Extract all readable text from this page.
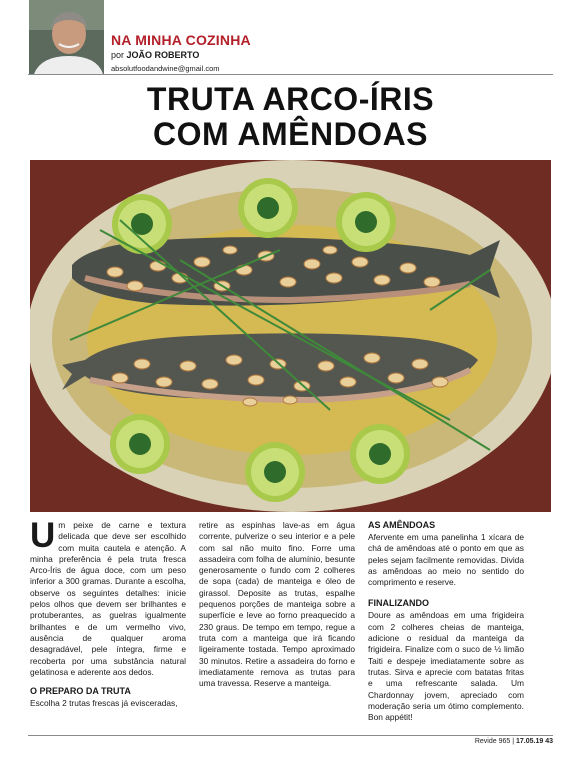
NA MINHA COZINHA
por JOÃO ROBERTO
absolutfoodandwine@gmail.com
TRUTA ARCO-ÍRIS
COM AMÊNDOAS

Um peixe de carne e textura delicada que deve ser escolhido com muita cautela e atenção. A minha preferência é pela truta fresca Arco-Íris de água doce, com um peso inferior a 300 gramas. Durante a escolha, observe os seguintes detalhes: inicie pelos olhos que devem ser brilhantes e protuberantes, as guelras igualmente brilhantes e de um vermelho vivo, ausência de qualquer aroma desagradável, pele íntegra, firme e recoberta por uma substância natural gelatinosa e aderente aos dedos.

O PREPARO DA TRUTA

Escolha 2 trutas frescas já evisceradas,

retire as espinhas lave-as em água corrente, pulverize o seu interior e a pele com sal não muito fino. Forre uma assadeira com folha de alumínio, besunte generosamente o fundo com 2 colheres de sopa (cada) de manteiga e óleo de girassol. Deposite as trutas, espalhe pequenos porções de manteiga sobre a superfície e leve ao forno preaquecido a 230 graus. De tempo em tempo, regue a truta com a manteiga que irá ficando ligeiramente tostada. Tempo aproximado 30 minutos. Retire a assadeira do forno e imediatamente remova as trutas para uma travessa. Reserve a manteiga.

AS AMÊNDOAS

Aferventе em uma panelinha 1 xícara de chá de amêndoas até o ponto em que as peles sejam facilmente removidas. Divida as amêndoas ao meio no sentido do comprimento e reserve.

FINALIZANDO

Doure as amêndoas em uma frigideira com 2 colheres cheias de manteiga, adicione o residual da manteiga da frigideira. Finalize com o suco de ½ limão Taiti e despeje imediatamente sobre as trutas. Sirva e aprecie com batatas fritas e uma refrescante salada. Um Chardonnay jovem, apreciado com moderação seria um ótimo complemento. Bon appétit!

Revide 965 | 17.05.19 43
